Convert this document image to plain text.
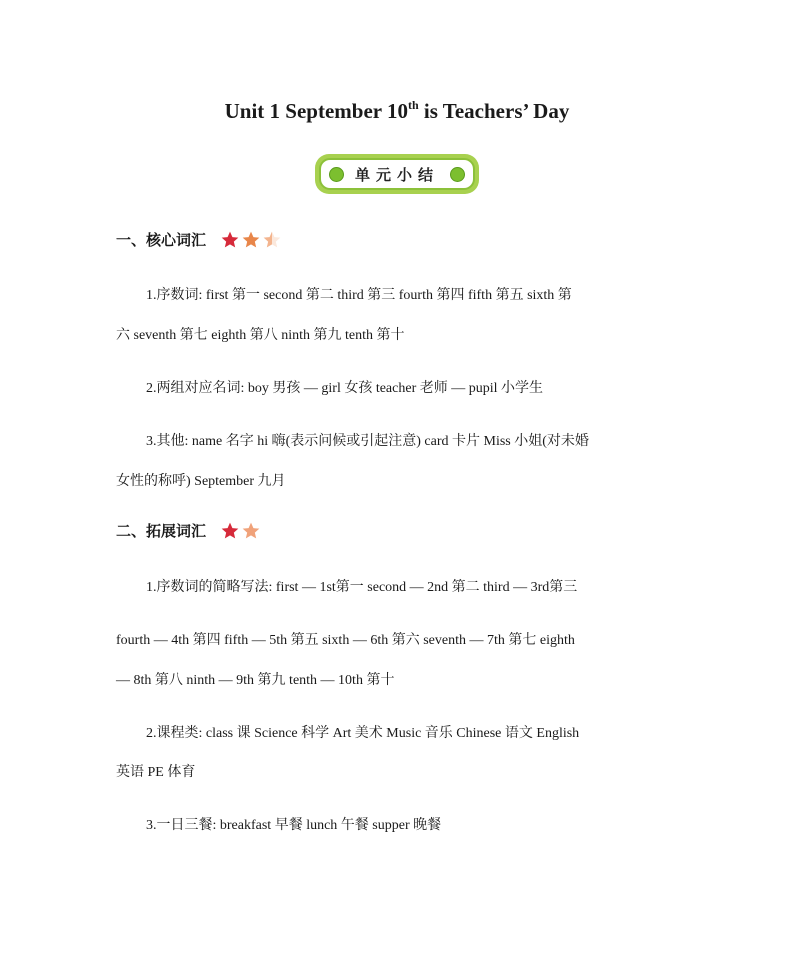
Unit 1 September 10th is Teachers’ Day
单元小结
一、核心词汇
1.序数词: first 第一 second 第二 third 第三 fourth 第四 fifth 第五 sixth 第
六 seventh 第七 eighth 第八 ninth 第九 tenth 第十
2.两组对应名词: boy 男孩 — girl 女孩 teacher 老师 — pupil 小学生
3.其他: name 名字 hi 嗨(表示问候或引起注意) card 卡片 Miss 小姐(对未婚
女性的称呼) September 九月
二、拓展词汇
1.序数词的简略写法: first — 1st第一 second — 2nd 第二 third — 3rd第三
fourth — 4th 第四 fifth — 5th 第五 sixth — 6th 第六 seventh — 7th 第七 eighth
— 8th 第八 ninth — 9th 第九 tenth — 10th 第十
2.课程类: class 课 Science 科学 Art 美术 Music 音乐 Chinese 语文 English
英语 PE 体育
3.一日三餐: breakfast 早餐 lunch 午餐 supper 晚餐
